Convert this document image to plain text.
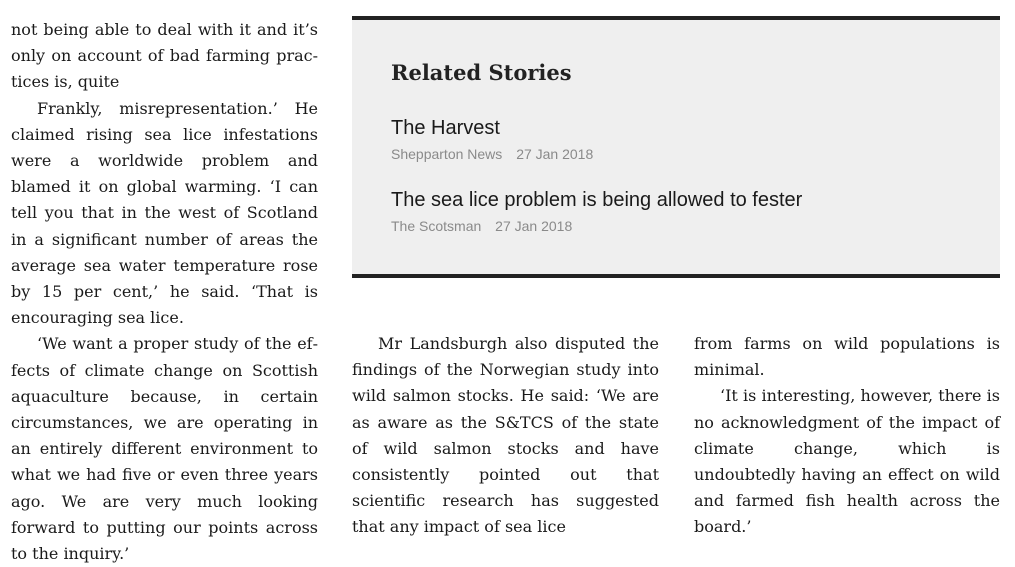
not being able to deal with it and it’s only on account of bad farming practices is, quite

Frankly, misrepresentation.’ He claimed rising sea lice infestations were a worldwide problem and blamed it on global warming. ‘I can tell you that in the west of Scotland in a significant number of areas the average sea water temperature rose by 15 per cent,’ he said. ‘That is encouraging sea lice.

‘We want a proper study of the effects of climate change on Scottish aquaculture because, in certain circumstances, we are operating in an entirely different environment to what we had five or even three years ago. We are very much looking forward to putting our points across to the inquiry.’

Related Stories
The Harvest
Shepparton News 27 Jan 2018
The sea lice problem is being allowed to fester
The Scotsman 27 Jan 2018

Mr Landsburgh also disputed the findings of the Norwegian study into wild salmon stocks. He said: ‘We are as aware as the S&TCS of the state of wild salmon stocks and have consistently pointed out that scientific research has suggested that any impact of sea lice

from farms on wild populations is minimal.

‘It is interesting, however, there is no acknowledgment of the impact of climate change, which is undoubtedly having an effect on wild and farmed fish health across the board.’
